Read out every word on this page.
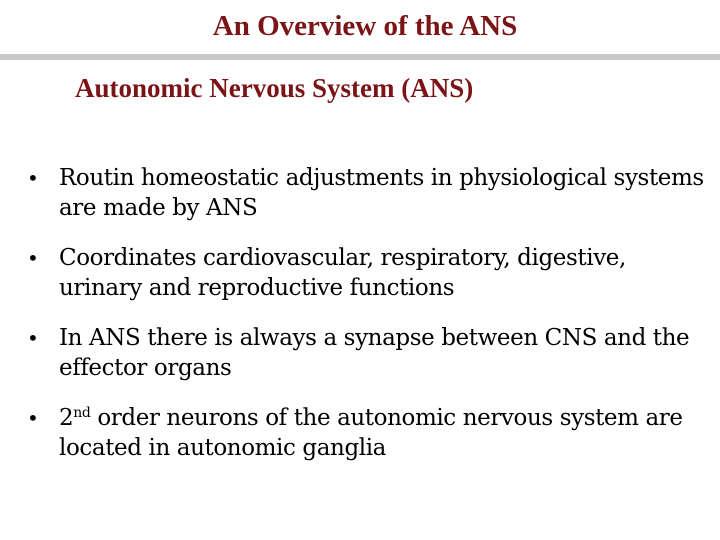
An Overview of the ANS
Autonomic Nervous System (ANS)
• Routin homeostatic adjustments in physiological systems are made by ANS
• Coordinates cardiovascular, respiratory, digestive, urinary and reproductive functions
• In ANS there is always a synapse between CNS and the effector organs
• 2nd order neurons of the autonomic nervous system are located in autonomic ganglia
